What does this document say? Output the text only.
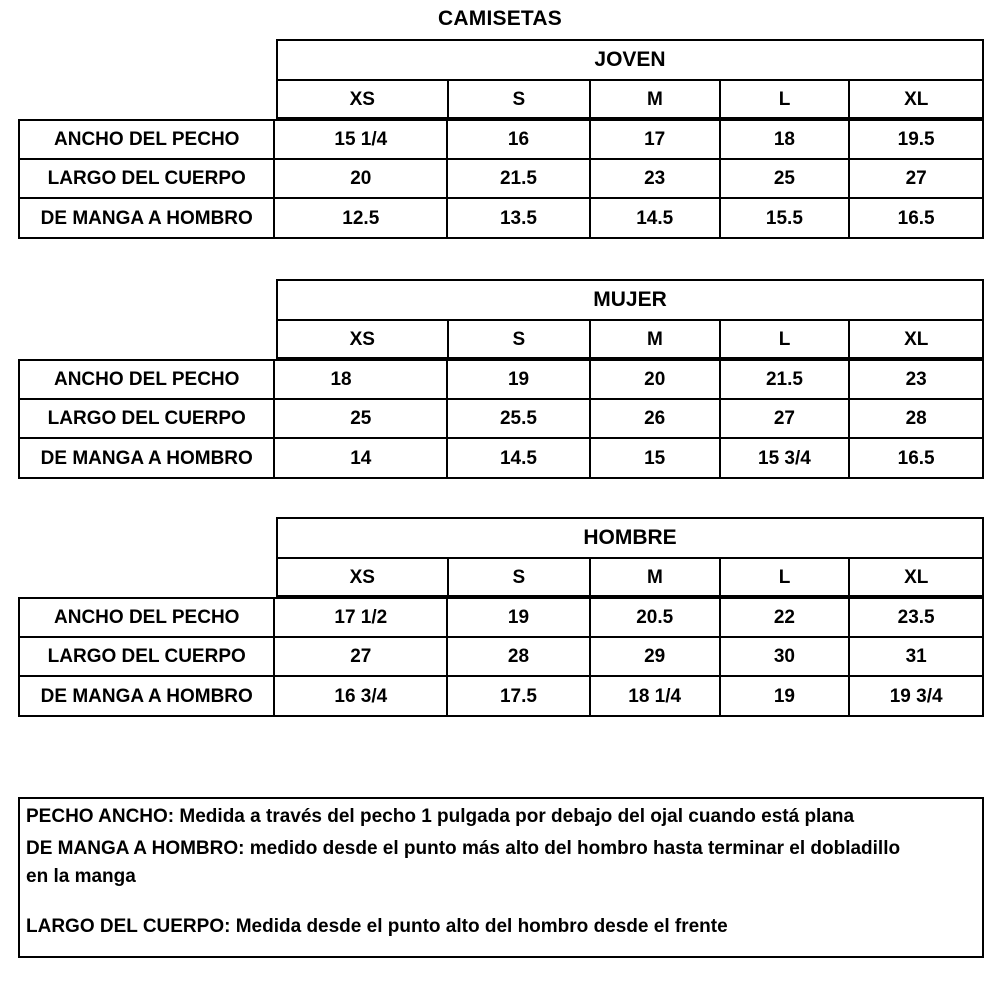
CAMISETAS
JOVEN
XS	S	M	L	XL
ANCHO DEL PECHO	15 1/4	16	17	18	19.5
LARGO DEL CUERPO	20	21.5	23	25	27
DE MANGA A HOMBRO	12.5	13.5	14.5	15.5	16.5
MUJER
XS	S	M	L	XL
ANCHO DEL PECHO	18	19	20	21.5	23
LARGO DEL CUERPO	25	25.5	26	27	28
DE MANGA A HOMBRO	14	14.5	15	15 3/4	16.5
HOMBRE
XS	S	M	L	XL
ANCHO DEL PECHO	17 1/2	19	20.5	22	23.5
LARGO DEL CUERPO	27	28	29	30	31
DE MANGA A HOMBRO	16 3/4	17.5	18 1/4	19	19 3/4

PECHO ANCHO: Medida a través del pecho 1 pulgada por debajo del ojal cuando está plana

DE MANGA A HOMBRO: medido desde el punto más alto del hombro hasta terminar el dobladillo en la manga

LARGO DEL CUERPO: Medida desde el punto alto del hombro desde el frente
